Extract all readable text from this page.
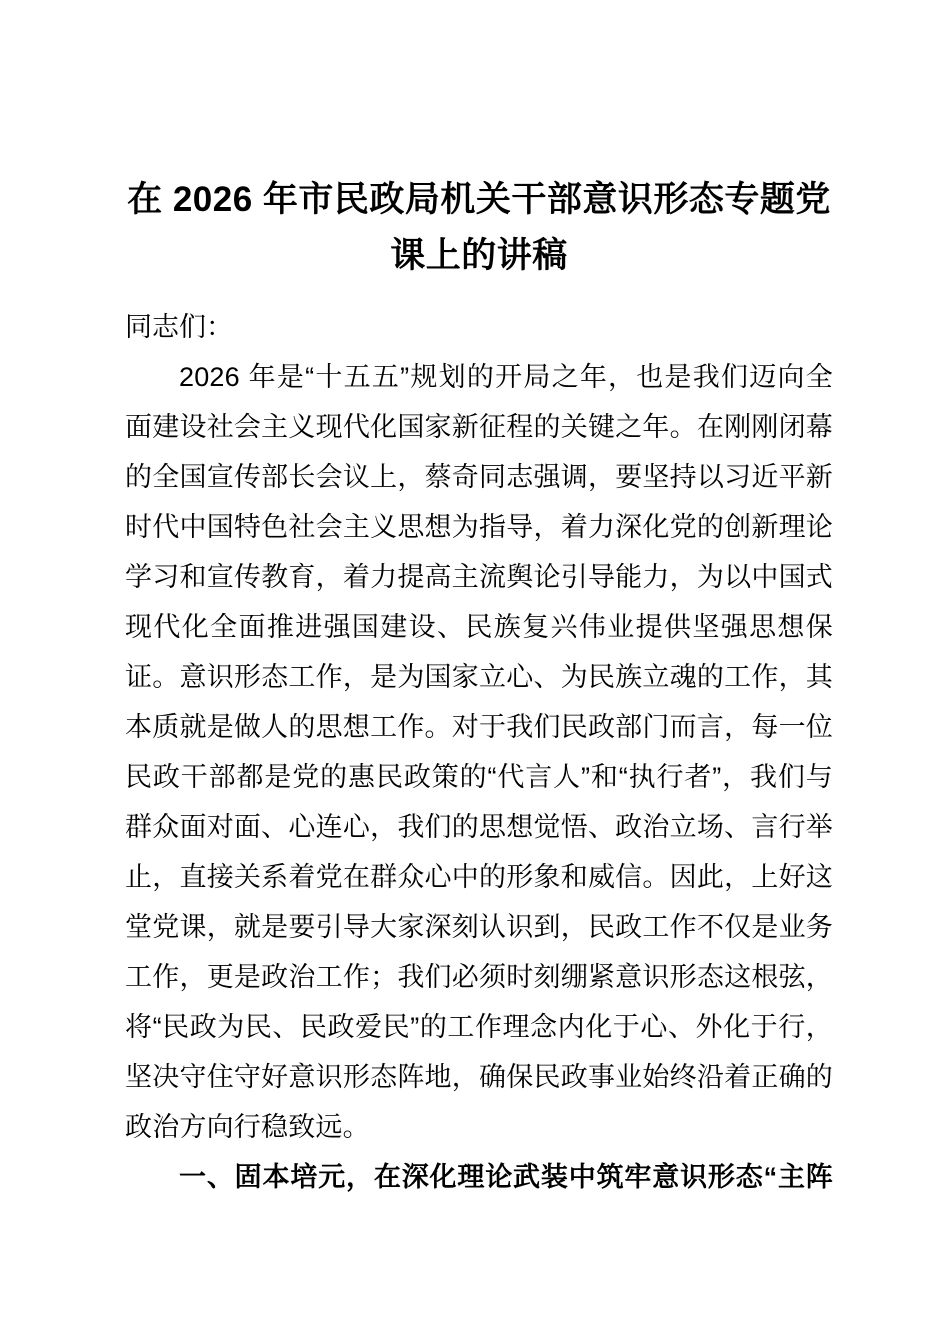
在 2026 年市民政局机关干部意识形态专题党课上的讲稿

同志们：

2026 年是“十五五”规划的开局之年，也是我们迈向全面建设社会主义现代化国家新征程的关键之年。在刚刚闭幕的全国宣传部长会议上，蔡奇同志强调，要坚持以习近平新时代中国特色社会主义思想为指导，着力深化党的创新理论学习和宣传教育，着力提高主流舆论引导能力，为以中国式现代化全面推进强国建设、民族复兴伟业提供坚强思想保证。意识形态工作，是为国家立心、为民族立魂的工作，其本质就是做人的思想工作。对于我们民政部门而言，每一位民政干部都是党的惠民政策的“代言人”和“执行者”，我们与群众面对面、心连心，我们的思想觉悟、政治立场、言行举止，直接关系着党在群众心中的形象和威信。因此，上好这堂党课，就是要引导大家深刻认识到，民政工作不仅是业务工作，更是政治工作；我们必须时刻绷紧意识形态这根弦，将“民政为民、民政爱民”的工作理念内化于心、外化于行，坚决守住守好意识形态阵地，确保民政事业始终沿着正确的政治方向行稳致远。

一、固本培元，在深化理论武装中筑牢意识形态“主阵
